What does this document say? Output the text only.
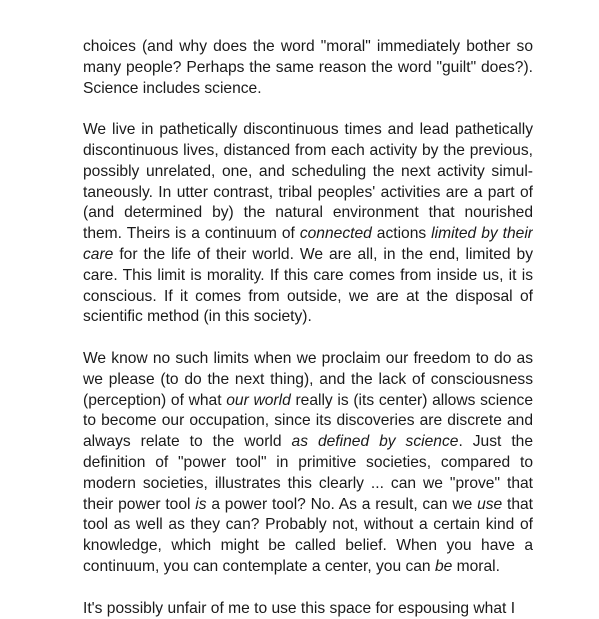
choices (and why does the word "moral" immediately bother so
many people? Perhaps the same reason the word "guilt" does?).
Science includes science.
We live in pathetically discontinuous times and lead pathetically
discontinuous lives, distanced from each activity by the previous,
possibly unrelated, one, and scheduling the next activity simul-
taneously. In utter contrast, tribal peoples' activities are a part of
(and determined by) the natural environment that nourished
them. Theirs is a continuum of connected actions limited by their
care for the life of their world. We are all, in the end, limited by
care. This limit is morality. If this care comes from inside us, it is
conscious. If it comes from outside, we are at the disposal of
scientific method (in this society).
We know no such limits when we proclaim our freedom to do as
we please (to do the next thing), and the lack of consciousness
(perception) of what our world really is (its center) allows science
to become our occupation, since its discoveries are discrete and
always relate to the world as defined by science. Just the
definition of "power tool" in primitive societies, compared to
modern societies, illustrates this clearly ... can we "prove" that
their power tool is a power tool? No. As a result, can we use that
tool as well as they can? Probably not, without a certain kind of
knowledge, which might be called belief. When you have a
continuum, you can contemplate a center, you can be moral.
It's possibly unfair of me to use this space for espousing what I
